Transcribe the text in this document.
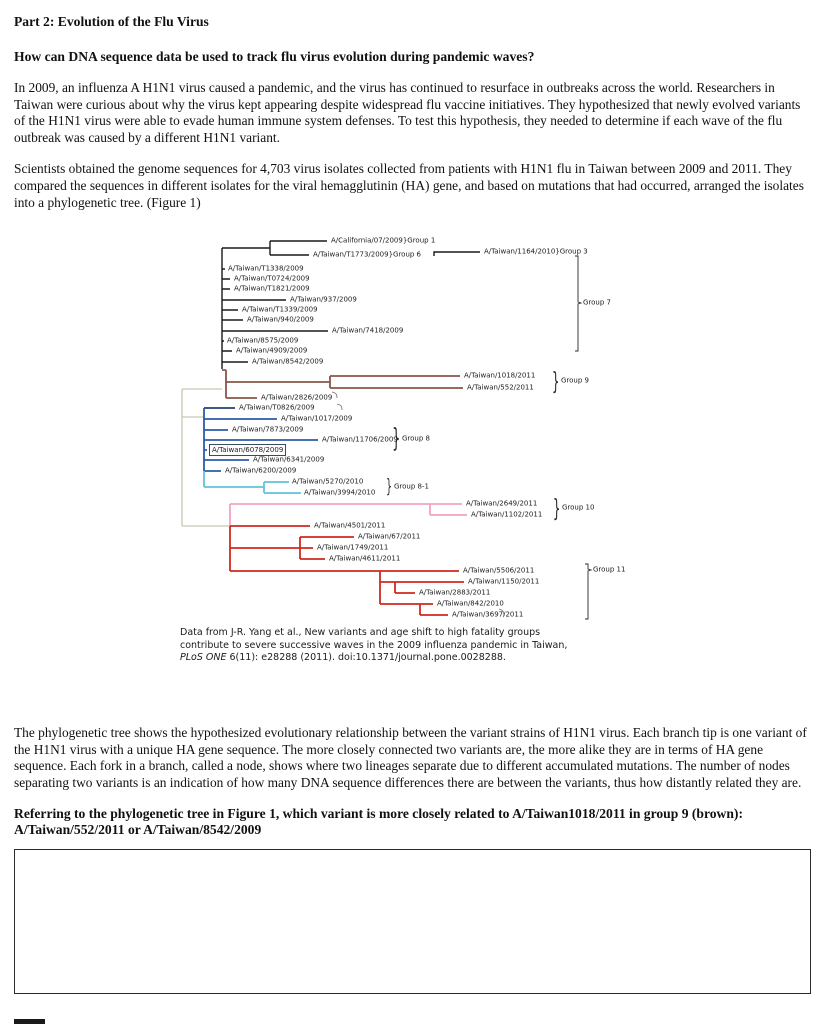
Part 2: Evolution of the Flu Virus
How can DNA sequence data be used to track flu virus evolution during pandemic waves?

In 2009, an influenza A H1N1 virus caused a pandemic, and the virus has continued to resurface in outbreaks across the world. Researchers in Taiwan were curious about why the virus kept appearing despite widespread flu vaccine initiatives. They hypothesized that newly evolved variants of the H1N1 virus were able to evade human immune system defenses. To test this hypothesis, they needed to determine if each wave of the flu outbreak was caused by a different H1N1 variant.

Scientists obtained the genome sequences for 4,703 virus isolates collected from patients with H1N1 flu in Taiwan between 2009 and 2011. They compared the sequences in different isolates for the viral hemagglutinin (HA) gene, and based on mutations that had occurred, arranged the isolates into a phylogenetic tree. (Figure 1)

}
}
}
}
Data from J-R. Yang et al., New variants and age shift to high fatality groups
contribute to severe successive waves in the 2009 influenza pandemic in Taiwan,
PLoS ONE 6(11): e28288 (2011). doi:10.1371/journal.pone.0028288.
A/California/07/2009}Group 1
A/Taiwan/T1773/2009}Group 6	A/Taiwan/1164/2010}Group 3
A/Taiwan/T1338/2009
A/Taiwan/T0724/2009
A/Taiwan/T1821/2009
A/Taiwan/937/2009
A/Taiwan/T1339/2009
A/Taiwan/940/2009
A/Taiwan/7418/2009
A/Taiwan/8575/2009
A/Taiwan/4909/2009
A/Taiwan/8542/2009
A/Taiwan/1018/2011
A/Taiwan/552/2011
A/Taiwan/2826/2009
A/Taiwan/T0826/2009
A/Taiwan/1017/2009
A/Taiwan/7873/2009
A/Taiwan/11706/2009
A/Taiwan/6078/2009
A/Taiwan/6341/2009
A/Taiwan/6200/2009
A/Taiwan/5270/2010
A/Taiwan/3994/2010
A/Taiwan/2649/2011
A/Taiwan/1102/2011
A/Taiwan/4501/2011
A/Taiwan/67/2011
A/Taiwan/1749/2011
A/Taiwan/4611/2011
A/Taiwan/5506/2011
A/Taiwan/1150/2011
A/Taiwan/2883/2011
A/Taiwan/842/2010
A/Taiwan/3697/2011
Group 7
Group 9
Group 8
Group 8-1
Group 10
Group 11

The phylogenetic tree shows the hypothesized evolutionary relationship between the variant strains of H1N1 virus. Each branch tip is one variant of the H1N1 virus with a unique HA gene sequence. The more closely connected two variants are, the more alike they are in terms of HA gene sequence. Each fork in a branch, called a node, shows where two lineages separate due to different accumulated mutations. The number of nodes separating two variants is an indication of how many DNA sequence differences there are between the variants, thus how distantly related they are.

Referring to the phylogenetic tree in Figure 1, which variant is more closely related to A/Taiwan1018/2011 in group 9 (brown):
A/Taiwan/552/2011 or A/Taiwan/8542/2009
